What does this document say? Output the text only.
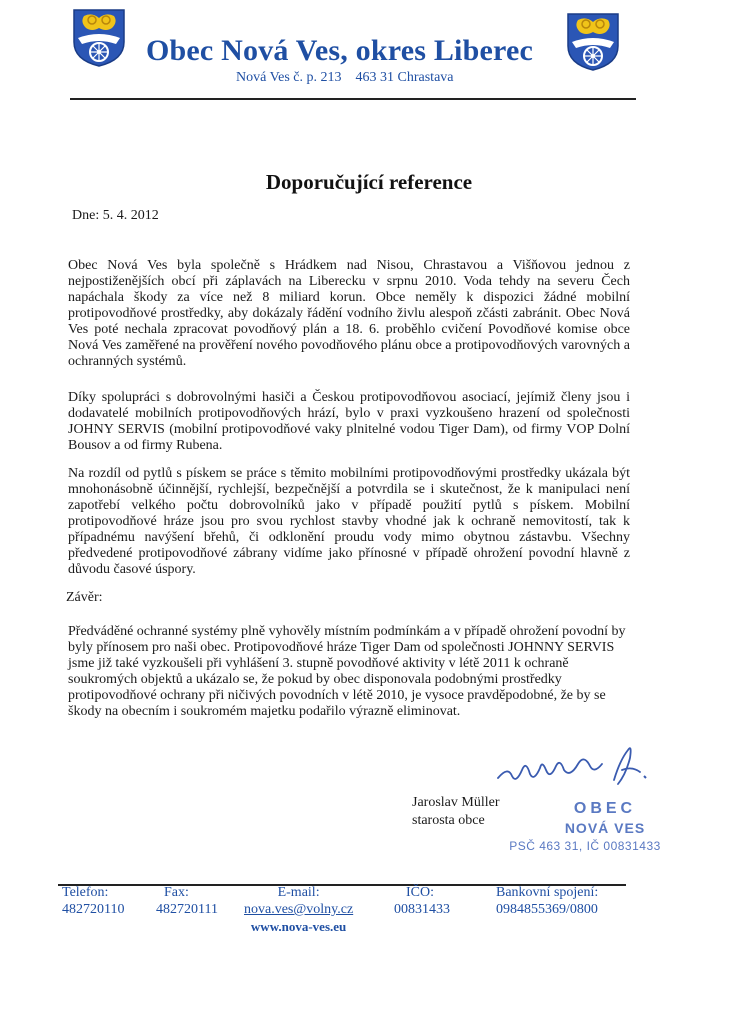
Obec Nová Ves, okres Liberec
Nová Ves č. p. 213 463 31 Chrastava
Doporučující reference
Dne: 5. 4. 2012
Obec Nová Ves byla společně s Hrádkem nad Nisou, Chrastavou a Višňovou jednou z nejpostiženějších obcí při záplavách na Liberecku v srpnu 2010. Voda tehdy na severu Čech napáchala škody za více než 8 miliard korun. Obce neměly k dispozici žádné mobilní protipovodňové prostředky, aby dokázaly řádění vodního živlu alespoň zčásti zabránit. Obec Nová Ves poté nechala zpracovat povodňový plán a 18. 6. proběhlo cvičení Povodňové komise obce Nová Ves zaměřené na prověření nového povodňového plánu obce a protipovodňových varovných a ochranných systémů.
Díky spolupráci s dobrovolnými hasiči a Českou protipovodňovou asociací, jejímiž členy jsou i dodavatelé mobilních protipovodňových hrází, bylo v praxi vyzkoušeno hrazení od společnosti JOHNY SERVIS (mobilní protipovodňové vaky plnitelné vodou Tiger Dam), od firmy VOP Dolní Bousov a od firmy Rubena.
Na rozdíl od pytlů s pískem se práce s těmito mobilními protipovodňovými prostředky ukázala být mnohonásobně účinnější, rychlejší, bezpečnější a potvrdila se i skutečnost, že k manipulaci není zapotřebí velkého počtu dobrovolníků jako v případě použití pytlů s pískem. Mobilní protipovodňové hráze jsou pro svou rychlost stavby vhodné jak k ochraně nemovitostí, tak k případnému navýšení břehů, či odklonění proudu vody mimo obytnou zástavbu. Všechny předvedené protipovodňové zábrany vidíme jako přínosné v případě ohrožení povodní hlavně z důvodu časové úspory.
Závěr:
Předváděné ochranné systémy plně vyhověly místním podmínkám a v případě ohrožení povodní by byly přínosem pro naši obec. Protipovodňové hráze Tiger Dam od společnosti JOHNNY SERVIS jsme již také vyzkoušeli při vyhlášení 3. stupně povodňové aktivity v létě 2011 k ochraně soukromých objektů a ukázalo se, že pokud by obec disponovala podobnými prostředky protipovodňové ochrany při ničivých povodních v létě 2010, je vysoce pravděpodobné, že by se škody na obecním i soukromém majetku podařilo výrazně eliminovat.
Jaroslav Müller
starosta obce
OBEC
NOVÁ VES
PSČ 463 31, IČ 00831433
Telefon:
482720110
Fax:
482720111
E-mail:
nova.ves@volny.cz
www.nova-ves.eu
IČO:
00831433
Bankovní spojení:
0984855369/0800
